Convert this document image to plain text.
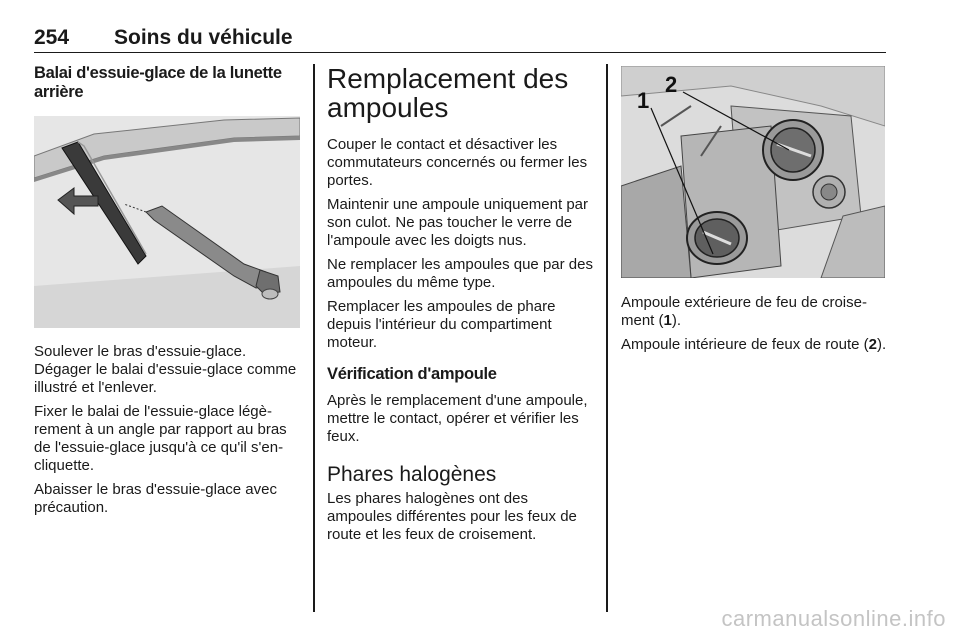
254 Soins du véhicule
Balai d'essuie-glace de la lunette arrière

Soulever le bras d'essuie-glace. Dégager le balai d'essuie-glace comme illustré et l'enlever.

Fixer le balai de l'essuie-glace légèrement à un angle par rapport au bras de l'essuie-glace jusqu'à ce qu'il s'encliquette.

Abaisser le bras d'essuie-glace avec précaution.

Remplacement des ampoules

Couper le contact et désactiver les commutateurs concernés ou fermer les portes.

Maintenir une ampoule uniquement par son culot. Ne pas toucher le verre de l'ampoule avec les doigts nus.

Ne remplacer les ampoules que par des ampoules du même type.

Remplacer les ampoules de phare depuis l'intérieur du compartiment moteur.

Vérification d'ampoule

Après le remplacement d'une ampoule, mettre le contact, opérer et vérifier les feux.

Phares halogènes

Les phares halogènes ont des ampoules différentes pour les feux de route et les feux de croisement.

1
2

Ampoule extérieure de feu de croisement (1).

Ampoule intérieure de feux de route (2).

carmanualsonline.info
